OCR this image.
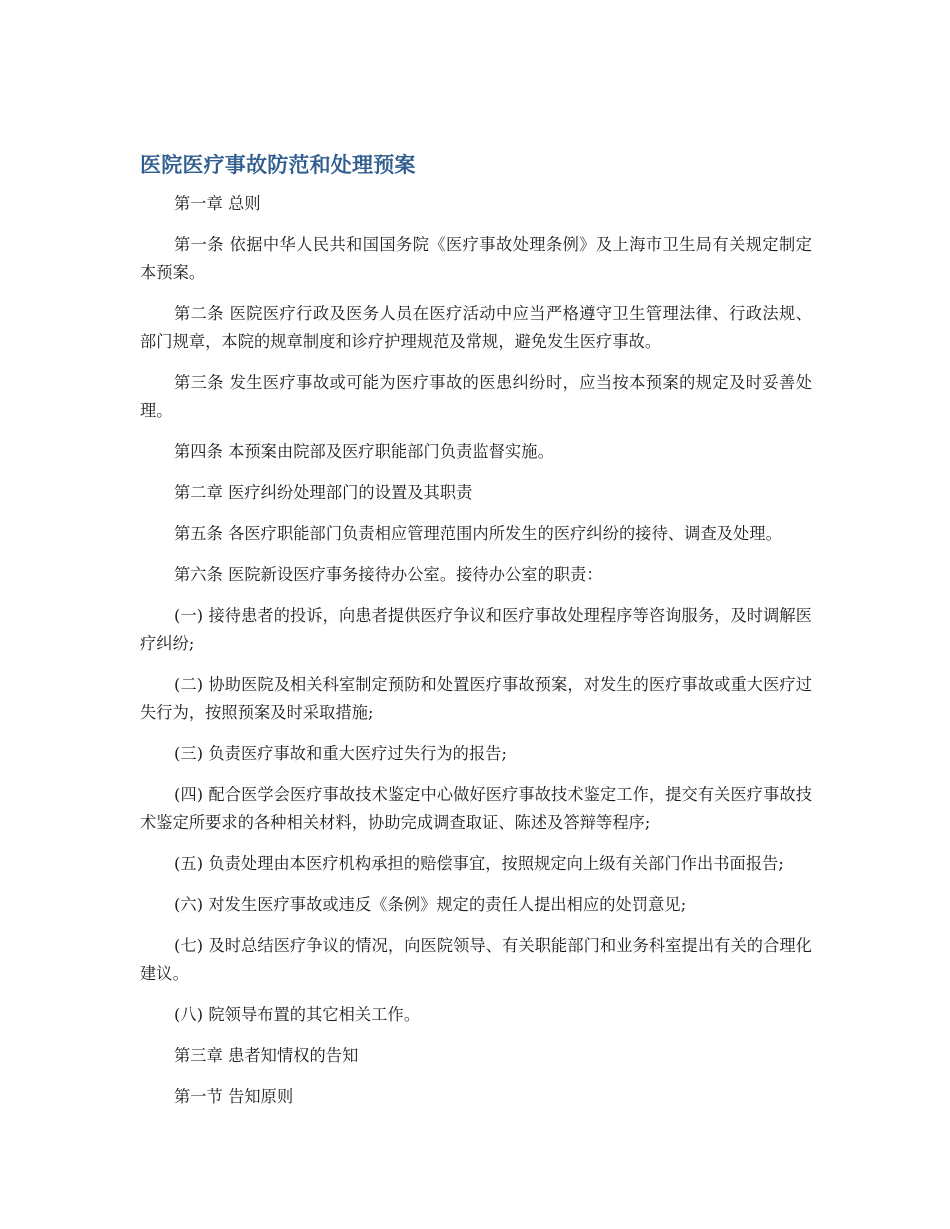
医院医疗事故防范和处理预案

第一章 总则

第一条 依据中华人民共和国国务院《医疗事故处理条例》及上海市卫生局有关规定制定本预案。

第二条 医院医疗行政及医务人员在医疗活动中应当严格遵守卫生管理法律、行政法规、部门规章，本院的规章制度和诊疗护理规范及常规，避免发生医疗事故。

第三条 发生医疗事故或可能为医疗事故的医患纠纷时，应当按本预案的规定及时妥善处理。

第四条 本预案由院部及医疗职能部门负责监督实施。

第二章 医疗纠纷处理部门的设置及其职责

第五条 各医疗职能部门负责相应管理范围内所发生的医疗纠纷的接待、调查及处理。

第六条 医院新设医疗事务接待办公室。接待办公室的职责：

(一) 接待患者的投诉，向患者提供医疗争议和医疗事故处理程序等咨询服务，及时调解医疗纠纷;

(二) 协助医院及相关科室制定预防和处置医疗事故预案，对发生的医疗事故或重大医疗过失行为，按照预案及时采取措施;

(三) 负责医疗事故和重大医疗过失行为的报告;

(四) 配合医学会医疗事故技术鉴定中心做好医疗事故技术鉴定工作，提交有关医疗事故技术鉴定所要求的各种相关材料，协助完成调查取证、陈述及答辩等程序;

(五) 负责处理由本医疗机构承担的赔偿事宜，按照规定向上级有关部门作出书面报告;

(六) 对发生医疗事故或违反《条例》规定的责任人提出相应的处罚意见;

(七) 及时总结医疗争议的情况，向医院领导、有关职能部门和业务科室提出有关的合理化建议。

(八) 院领导布置的其它相关工作。

第三章 患者知情权的告知

第一节 告知原则
